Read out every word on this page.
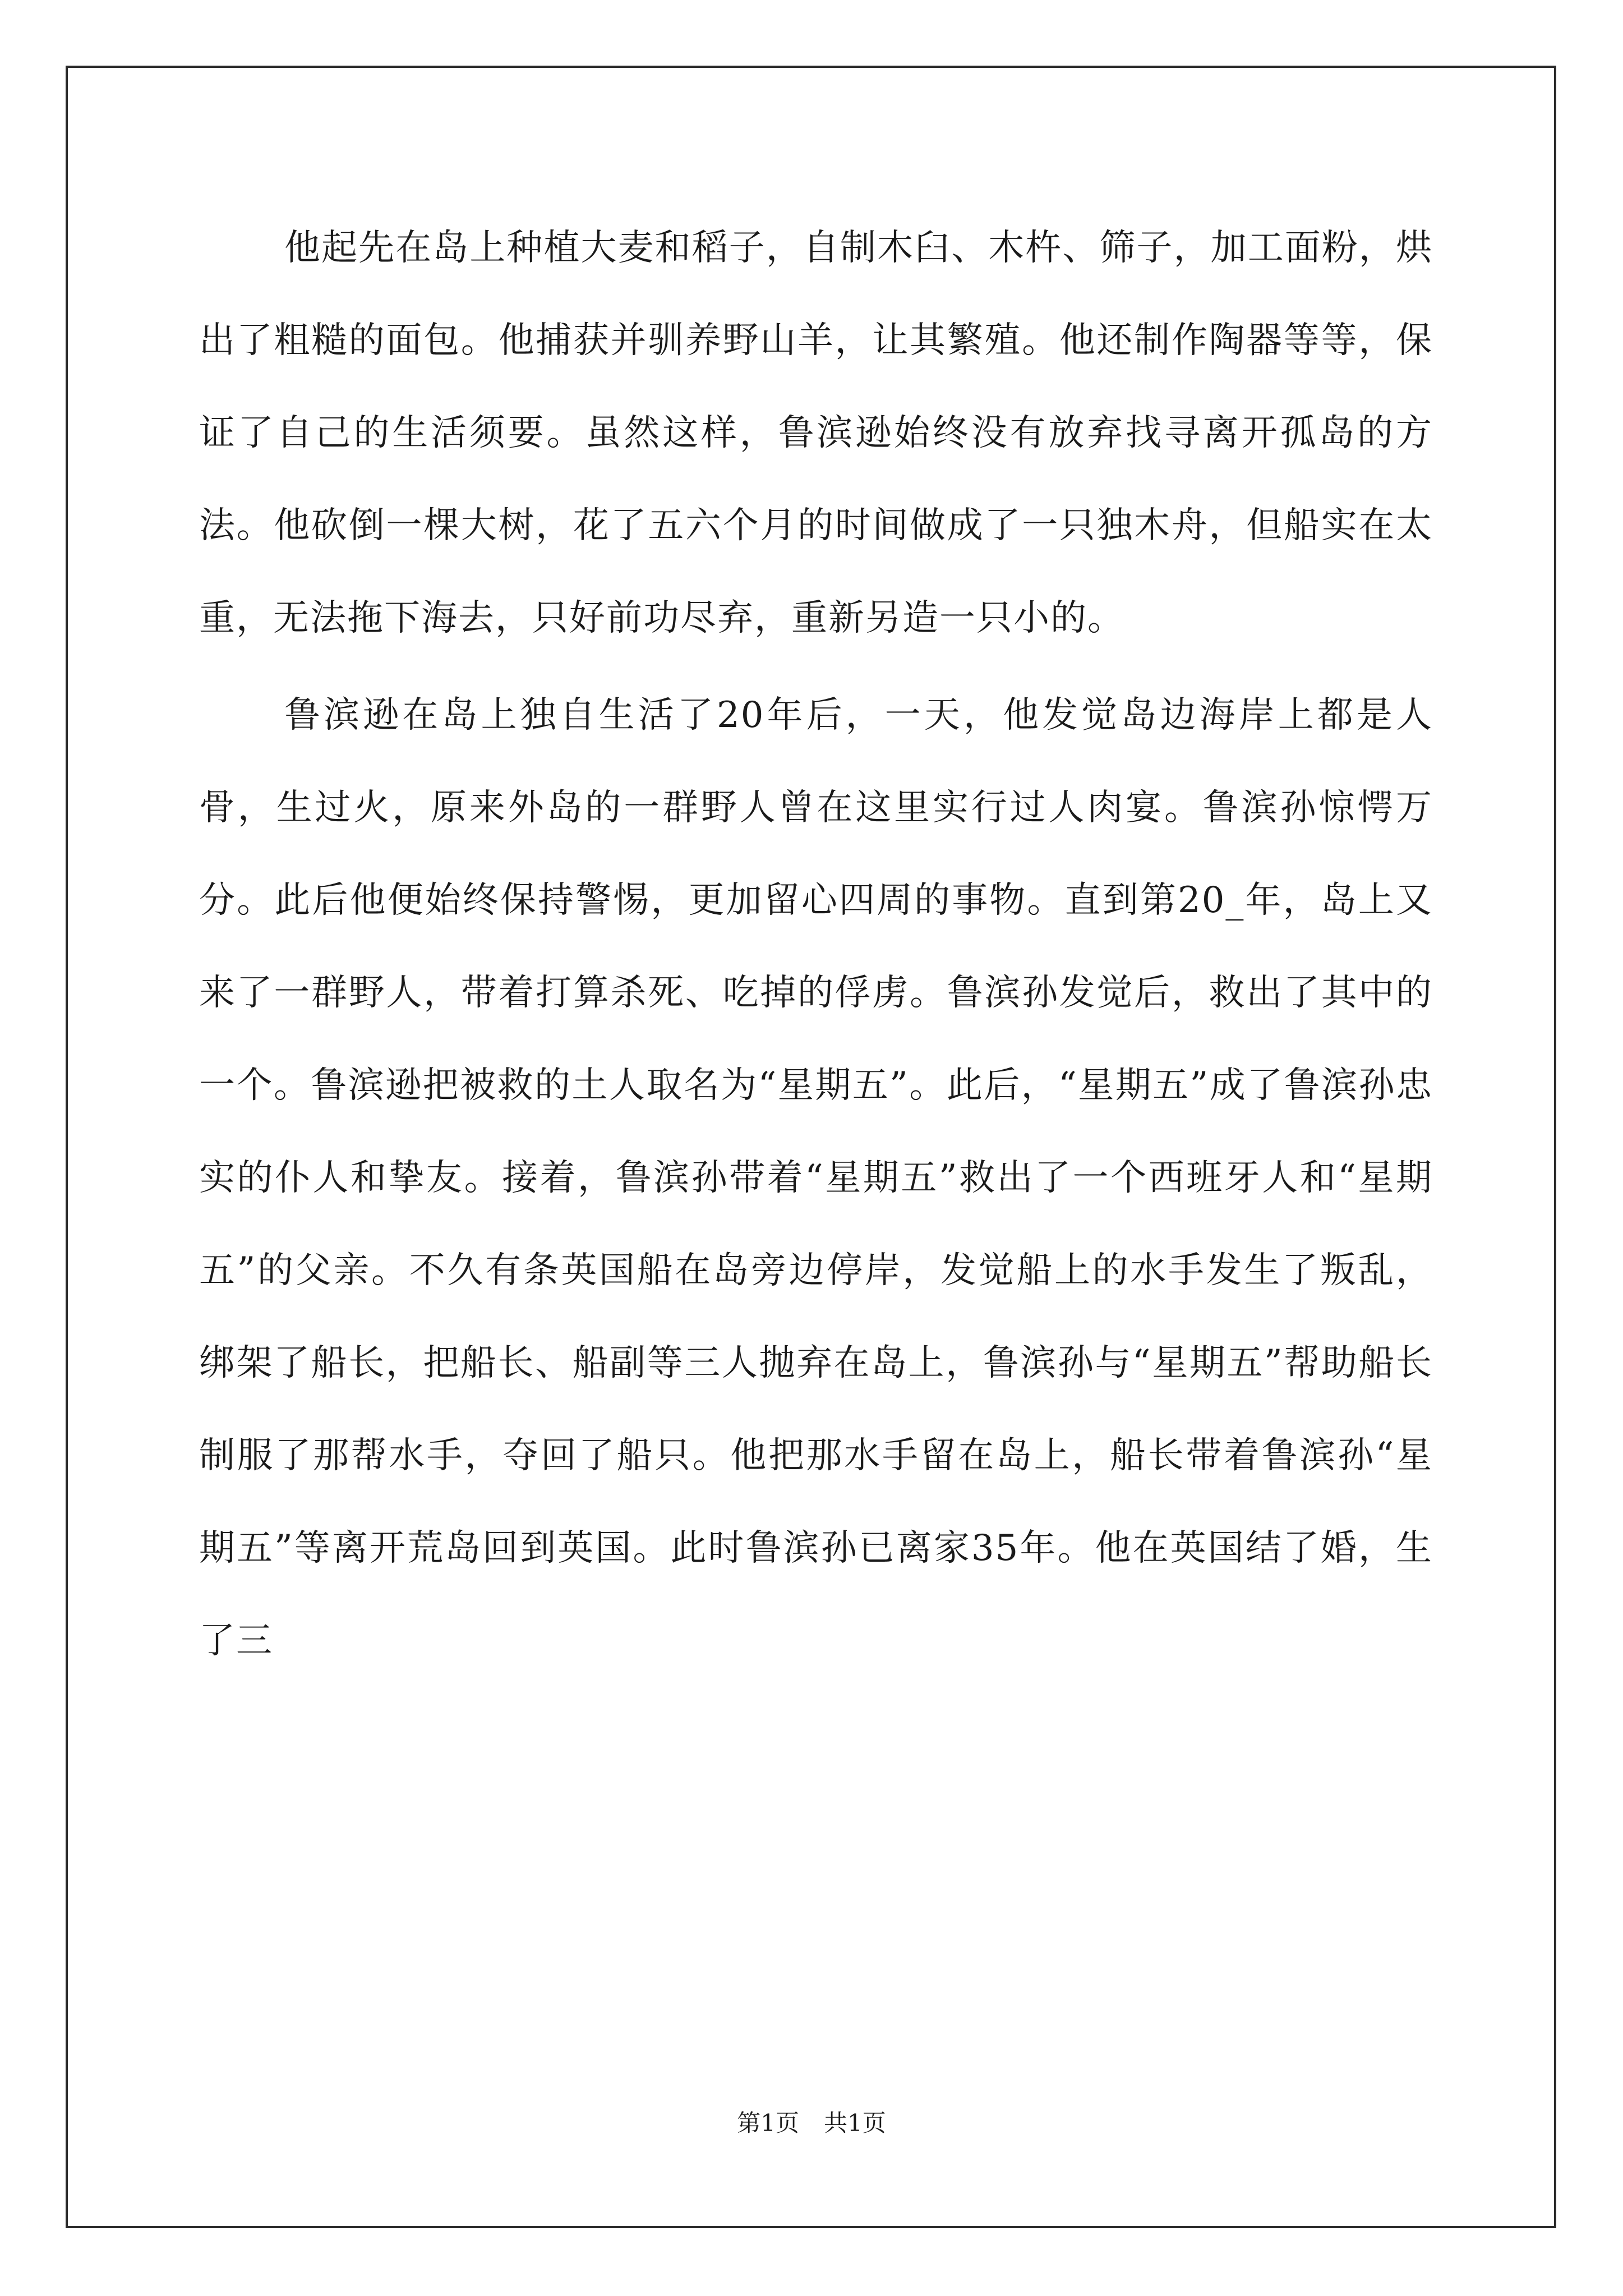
他起先在岛上种植大麦和稻子，自制木臼、木杵、筛子，加工面粉，烘出了粗糙的面包。他捕获并驯养野山羊，让其繁殖。他还制作陶器等等，保证了自己的生活须要。虽然这样，鲁滨逊始终没有放弃找寻离开孤岛的方法。他砍倒一棵大树，花了五六个月的时间做成了一只独木舟，但船实在太重，无法拖下海去，只好前功尽弃，重新另造一只小的。

鲁滨逊在岛上独自生活了20年后，一天，他发觉岛边海岸上都是人骨，生过火，原来外岛的一群野人曾在这里实行过人肉宴。鲁滨孙惊愕万分。此后他便始终保持警惕，更加留心四周的事物。直到第20_年，岛上又来了一群野人，带着打算杀死、吃掉的俘虏。鲁滨孙发觉后，救出了其中的一个。鲁滨逊把被救的土人取名为“星期五”。此后，“星期五”成了鲁滨孙忠实的仆人和挚友。接着，鲁滨孙带着“星期五”救出了一个西班牙人和“星期五”的父亲。不久有条英国船在岛旁边停岸，发觉船上的水手发生了叛乱，绑架了船长，把船长、船副等三人抛弃在岛上，鲁滨孙与“星期五”帮助船长制服了那帮水手，夺回了船只。他把那水手留在岛上，船长带着鲁滨孙“星期五”等离开荒岛回到英国。此时鲁滨孙已离家35年。他在英国结了婚，生了三

第1页 共1页
